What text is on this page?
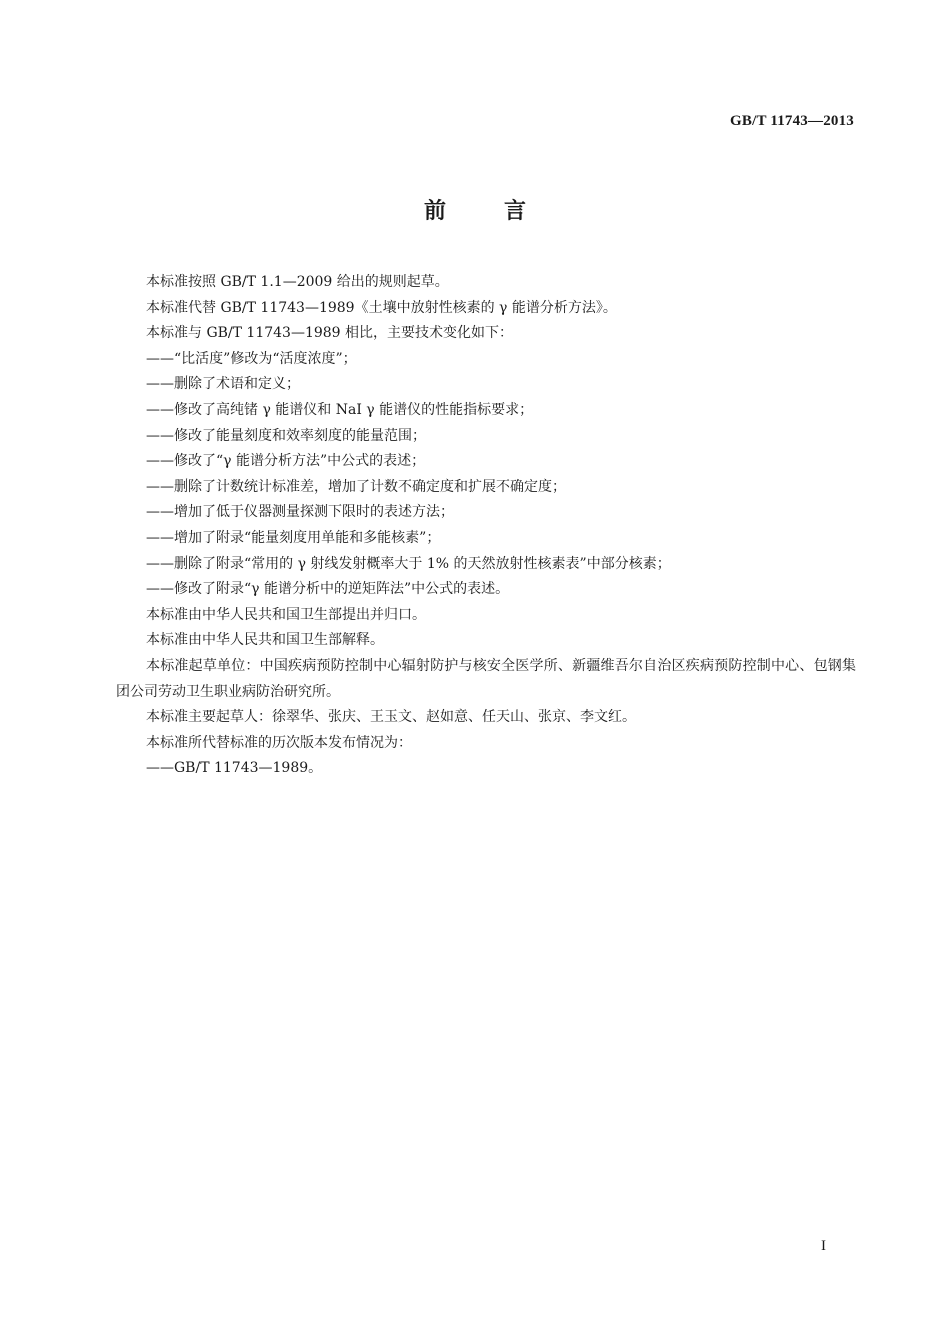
GB/T 11743—2013
前言

本标准按照 GB/T 1.1—2009 给出的规则起草。

本标准代替 GB/T 11743—1989《土壤中放射性核素的 γ 能谱分析方法》。

本标准与 GB/T 11743—1989 相比，主要技术变化如下：

——“比活度”修改为“活度浓度”；

——删除了术语和定义；

——修改了高纯锗 γ 能谱仪和 NaI γ 能谱仪的性能指标要求；

——修改了能量刻度和效率刻度的能量范围；

——修改了“γ 能谱分析方法”中公式的表述；

——删除了计数统计标准差，增加了计数不确定度和扩展不确定度；

——增加了低于仪器测量探测下限时的表述方法；

——增加了附录“能量刻度用单能和多能核素”；

——删除了附录“常用的 γ 射线发射概率大于 1% 的天然放射性核素表”中部分核素；

——修改了附录“γ 能谱分析中的逆矩阵法”中公式的表述。

本标准由中华人民共和国卫生部提出并归口。

本标准由中华人民共和国卫生部解释。

本标准起草单位：中国疾病预防控制中心辐射防护与核安全医学所、新疆维吾尔自治区疾病预防控制中心、包钢集团公司劳动卫生职业病防治研究所。

本标准主要起草人：徐翠华、张庆、王玉文、赵如意、任天山、张京、李文红。

本标准所代替标准的历次版本发布情况为：

——GB/T 11743—1989。

I
